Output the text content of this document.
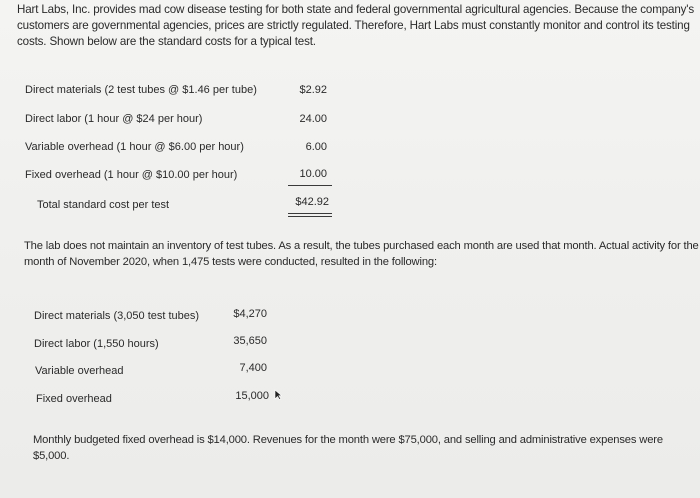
Hart Labs, Inc. provides mad cow disease testing for both state and federal governmental agricultural agencies. Because the company's customers are governmental agencies, prices are strictly regulated. Therefore, Hart Labs must constantly monitor and control its testing costs. Shown below are the standard costs for a typical test.
Direct materials (2 test tubes @ $1.46 per tube)	$2.92
Direct labor (1 hour @ $24 per hour)	24.00
Variable overhead (1 hour @ $6.00 per hour)	6.00
Fixed overhead (1 hour @ $10.00 per hour)	10.00
Total standard cost per test	$42.92
The lab does not maintain an inventory of test tubes. As a result, the tubes purchased each month are used that month. Actual activity for the month of November 2020, when 1,475 tests were conducted, resulted in the following:
Direct materials (3,050 test tubes)	$4,270
Direct labor (1,550 hours)	35,650
Variable overhead	7,400
Fixed overhead	15,000
Monthly budgeted fixed overhead is $14,000. Revenues for the month were $75,000, and selling and administrative expenses were $5,000.
